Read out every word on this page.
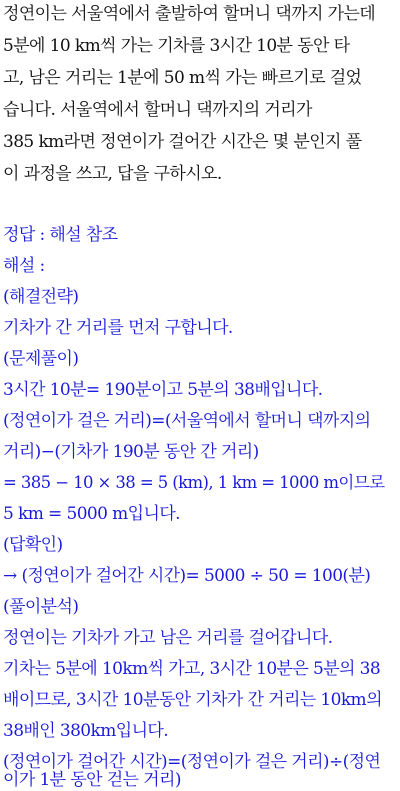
정연이는 서울역에서 출발하여 할머니 댁까지 가는데
5분에 10 km씩 가는 기차를 3시간 10분 동안 타
고, 남은 거리는 1분에 50 m씩 가는 빠르기로 걸었
습니다. 서울역에서 할머니 댁까지의 거리가
385 km라면 정연이가 걸어간 시간은 몇 분인지 풀
이 과정을 쓰고, 답을 구하시오.
정답 : 해설 참조
해설 :
(해결전략)
기차가 간 거리를 먼저 구합니다.
(문제풀이)
3시간 10분= 190분이고 5분의 38배입니다.
(정연이가 걸은 거리)=(서울역에서 할머니 댁까지의
거리)−(기차가 190분 동안 간 거리)
= 385 − 10 × 38 = 5 (km), 1 km = 1000 m이므로
5 km = 5000 m입니다.
(답확인)
→ (정연이가 걸어간 시간)= 5000 ÷ 50 = 100(분)
(풀이분석)
정연이는 기차가 가고 남은 거리를 걸어갑니다.
기차는 5분에 10km씩 가고, 3시간 10분은 5분의 38
배이므로, 3시간 10분동안 기차가 간 거리는 10km의
38배인 380km입니다.
(정연이가 걸어간 시간)=(정연이가 걸은 거리)÷(정연
이가 1분 동안 걷는 거리)
